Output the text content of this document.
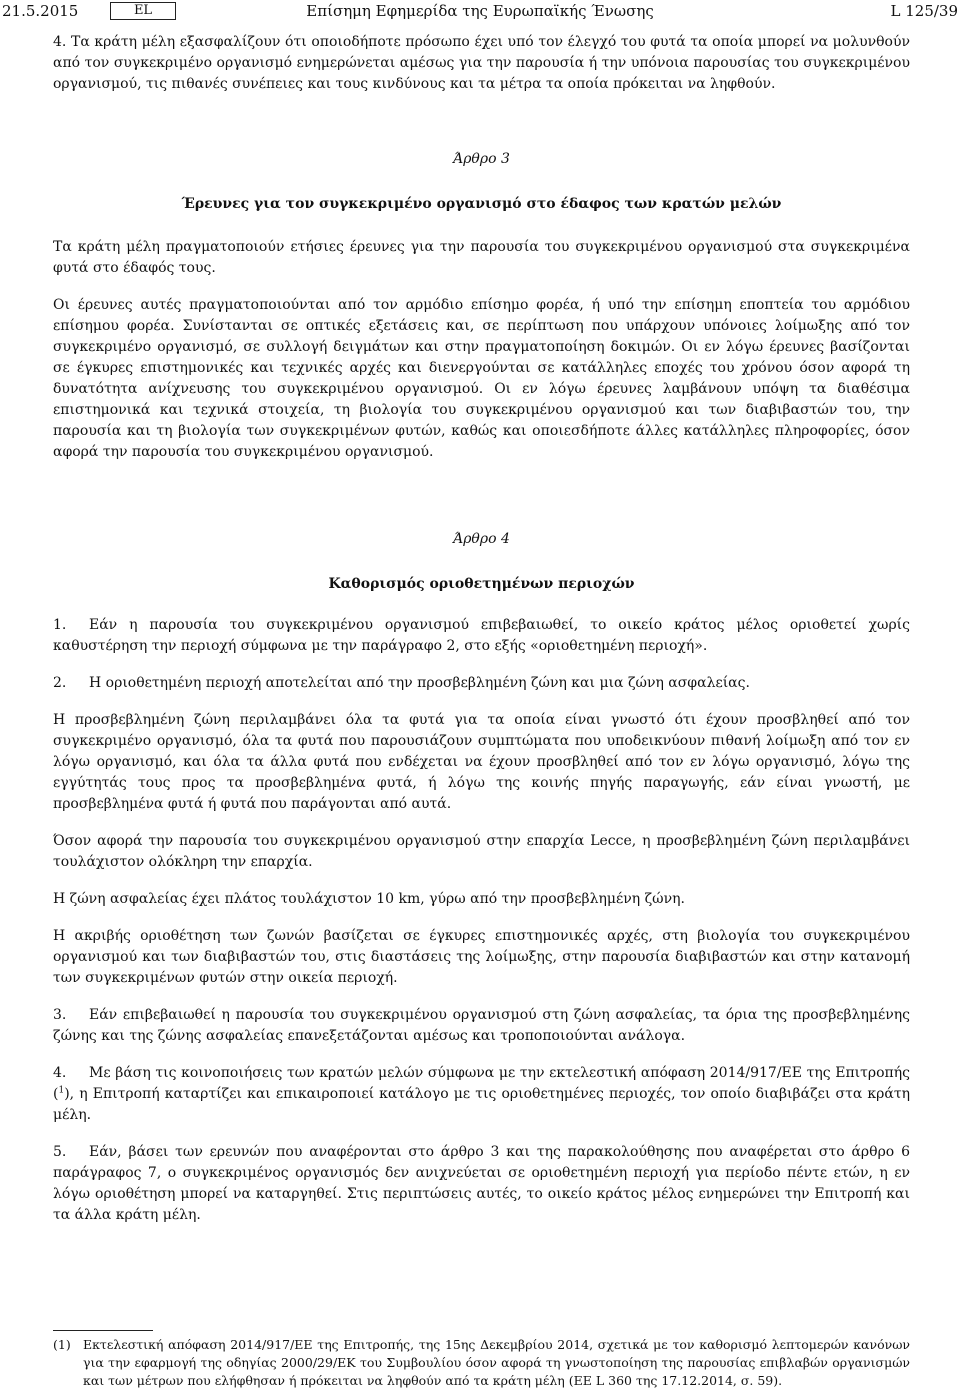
21.5.2015	EL	Επίσημη Εφημερίδα της Ευρωπαϊκής Ένωσης	L 125/39

4. Τα κράτη μέλη εξασφαλίζουν ότι οποιοδήποτε πρόσωπο έχει υπό τον έλεγχό του φυτά τα οποία μπορεί να μολυνθούν από τον συγκεκριμένο οργανισμό ενημερώνεται αμέσως για την παρουσία ή την υπόνοια παρουσίας του συγκεκριμένου οργανισμού, τις πιθανές συνέπειες και τους κινδύνους και τα μέτρα τα οποία πρόκειται να ληφθούν.

Άρθρο 3

Έρευνες για τον συγκεκριμένο οργανισμό στο έδαφος των κρατών μελών

Τα κράτη μέλη πραγματοποιούν ετήσιες έρευνες για την παρουσία του συγκεκριμένου οργανισμού στα συγκεκριμένα φυτά στο έδαφός τους.

Οι έρευνες αυτές πραγματοποιούνται από τον αρμόδιο επίσημο φορέα, ή υπό την επίσημη εποπτεία του αρμόδιου επίσημου φορέα. Συνίστανται σε οπτικές εξετάσεις και, σε περίπτωση που υπάρχουν υπόνοιες λοίμωξης από τον συγκεκριμένο οργανισμό, σε συλλογή δειγμάτων και στην πραγματοποίηση δοκιμών. Οι εν λόγω έρευνες βασίζονται σε έγκυρες επιστημονικές και τεχνικές αρχές και διενεργούνται σε κατάλληλες εποχές του χρόνου όσον αφορά τη δυνατότητα ανίχνευσης του συγκεκριμένου οργανισμού. Οι εν λόγω έρευνες λαμβάνουν υπόψη τα διαθέσιμα επιστημονικά και τεχνικά στοιχεία, τη βιολογία του συγκεκριμένου οργανισμού και των διαβιβαστών του, την παρουσία και τη βιολογία των συγκεκριμένων φυτών, καθώς και οποιεσδήποτε άλλες κατάλληλες πληροφορίες, όσον αφορά την παρουσία του συγκεκριμένου οργανισμού.

Άρθρο 4

Καθορισμός οριοθετημένων περιοχών

1. Εάν η παρουσία του συγκεκριμένου οργανισμού επιβεβαιωθεί, το οικείο κράτος μέλος οριοθετεί χωρίς καθυστέρηση την περιοχή σύμφωνα με την παράγραφο 2, στο εξής «οριοθετημένη περιοχή».

2. Η οριοθετημένη περιοχή αποτελείται από την προσβεβλημένη ζώνη και μια ζώνη ασφαλείας.

Η προσβεβλημένη ζώνη περιλαμβάνει όλα τα φυτά για τα οποία είναι γνωστό ότι έχουν προσβληθεί από τον συγκεκριμένο οργανισμό, όλα τα φυτά που παρουσιάζουν συμπτώματα που υποδεικνύουν πιθανή λοίμωξη από τον εν λόγω οργανισμό, και όλα τα άλλα φυτά που ενδέχεται να έχουν προσβληθεί από τον εν λόγω οργανισμό, λόγω της εγγύτητάς τους προς τα προσβεβλημένα φυτά, ή λόγω της κοινής πηγής παραγωγής, εάν είναι γνωστή, με προσβεβλημένα φυτά ή φυτά που παράγονται από αυτά.

Όσον αφορά την παρουσία του συγκεκριμένου οργανισμού στην επαρχία Lecce, η προσβεβλημένη ζώνη περιλαμβάνει τουλάχιστον ολόκληρη την επαρχία.

Η ζώνη ασφαλείας έχει πλάτος τουλάχιστον 10 km, γύρω από την προσβεβλημένη ζώνη.

Η ακριβής οριοθέτηση των ζωνών βασίζεται σε έγκυρες επιστημονικές αρχές, στη βιολογία του συγκεκριμένου οργανισμού και των διαβιβαστών του, στις διαστάσεις της λοίμωξης, στην παρουσία διαβιβαστών και στην κατανομή των συγκεκριμένων φυτών στην οικεία περιοχή.

3. Εάν επιβεβαιωθεί η παρουσία του συγκεκριμένου οργανισμού στη ζώνη ασφαλείας, τα όρια της προσβεβλημένης ζώνης και της ζώνης ασφαλείας επανεξετάζονται αμέσως και τροποποιούνται ανάλογα.

4. Με βάση τις κοινοποιήσεις των κρατών μελών σύμφωνα με την εκτελεστική απόφαση 2014/917/ΕΕ της Επιτροπής ($^1$), η Επιτροπή καταρτίζει και επικαιροποιεί κατάλογο με τις οριοθετημένες περιοχές, τον οποίο διαβιβάζει στα κράτη μέλη.

5. Εάν, βάσει των ερευνών που αναφέρονται στο άρθρο 3 και της παρακολούθησης που αναφέρεται στο άρθρο 6 παράγραφος 7, ο συγκεκριμένος οργανισμός δεν ανιχνεύεται σε οριοθετημένη περιοχή για περίοδο πέντε ετών, η εν λόγω οριοθέτηση μπορεί να καταργηθεί. Στις περιπτώσεις αυτές, το οικείο κράτος μέλος ενημερώνει την Επιτροπή και τα άλλα κράτη μέλη.

(1) Εκτελεστική απόφαση 2014/917/ΕΕ της Επιτροπής, της 15ης Δεκεμβρίου 2014, σχετικά με τον καθορισμό λεπτομερών κανόνων για την εφαρμογή της οδηγίας 2000/29/ΕΚ του Συμβουλίου όσον αφορά τη γνωστοποίηση της παρουσίας επιβλαβών οργανισμών και των μέτρων που ελήφθησαν ή πρόκειται να ληφθούν από τα κράτη μέλη (ΕΕ L 360 της 17.12.2014, σ. 59).
